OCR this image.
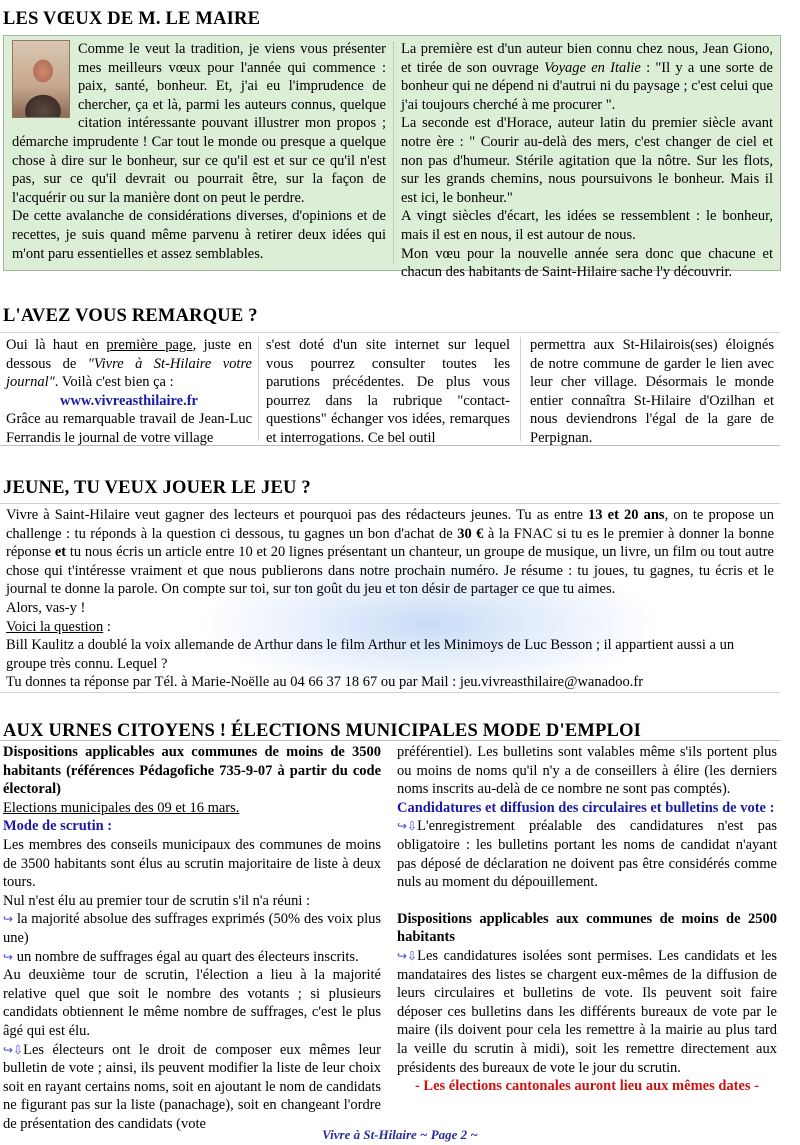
LES VŒUX DE M. LE MAIRE

Comme le veut la tradition, je viens vous présenter mes meilleurs vœux pour l'année qui commence : paix, santé, bonheur. Et, j'ai eu l'imprudence de chercher, ça et là, parmi les auteurs connus, quelque citation intéressante pouvant illustrer mon propos ; démarche imprudente ! Car tout le monde ou presque a quelque chose à dire sur le bonheur, sur ce qu'il est et sur ce qu'il n'est pas, sur ce qu'il devrait ou pourrait être, sur la façon de l'acquérir ou sur la manière dont on peut le perdre.

De cette avalanche de considérations diverses, d'opinions et de recettes, je suis quand même parvenu à retirer deux idées qui m'ont paru essentielles et assez semblables.

La première est d'un auteur bien connu chez nous, Jean Giono, et tirée de son ouvrage Voyage en Italie : "Il y a une sorte de bonheur qui ne dépend ni d'autrui ni du paysage ; c'est celui que j'ai toujours cherché à me procurer ".

La seconde est d'Horace, auteur latin du premier siècle avant notre ère : " Courir au-delà des mers, c'est changer de ciel et non pas d'humeur. Stérile agitation que la nôtre. Sur les flots, sur les grands chemins, nous poursuivons le bonheur. Mais il est ici, le bonheur."

A vingt siècles d'écart, les idées se ressemblent : le bonheur, mais il est en nous, il est autour de nous.

Mon vœu pour la nouvelle année sera donc que chacune et chacun des habitants de Saint-Hilaire sache l'y découvrir.

L'AVEZ VOUS REMARQUE ?

Oui là haut en première page, juste en dessous de "Vivre à St-Hilaire votre journal". Voilà c'est bien ça :

www.vivreasthilaire.fr

Grâce au remarquable travail de Jean-Luc Ferrandis le journal de votre village

s'est doté d'un site internet sur lequel vous pourrez consulter toutes les parutions précédentes. De plus vous pourrez dans la rubrique "contact-questions" échanger vos idées, remarques et interrogations. Ce bel outil
permettra aux St-Hilairois(ses) éloignés de notre commune de garder le lien avec leur cher village. Désormais le monde entier connaîtra St-Hilaire d'Ozilhan et nous deviendrons l'égal de la gare de Perpignan.
JEUNE, TU VEUX JOUER LE JEU ?

Vivre à Saint-Hilaire veut gagner des lecteurs et pourquoi pas des rédacteurs jeunes. Tu as entre 13 et 20 ans, on te propose un challenge : tu réponds à la question ci dessous, tu gagnes un bon d'achat de 30 € à la FNAC si tu es le premier à donner la bonne réponse et tu nous écris un article entre 10 et 20 lignes présentant un chanteur, un groupe de musique, un livre, un film ou tout autre chose qui t'intéresse vraiment et que nous publierons dans notre prochain numéro. Je résume : tu joues, tu gagnes, tu écris et le journal te donne la parole. On compte sur toi, sur ton goût du jeu et ton désir de partager ce que tu aimes.

Alors, vas-y !

Voici la question :

Bill Kaulitz a doublé la voix allemande de Arthur dans le film Arthur et les Minimoys de Luc Besson ; il appartient aussi a un groupe très connu. Lequel ?

Tu donnes ta réponse par Tél. à Marie-Noëlle au 04 66 37 18 67 ou par Mail : jeu.vivreasthilaire@wanadoo.fr

AUX URNES CITOYENS ! ÉLECTIONS MUNICIPALES MODE D'EMPLOI

Dispositions applicables aux communes de moins de 3500 habitants (références Pédagofiche 735-9-07 à partir du code électoral)

Elections municipales des 09 et 16 mars.

Mode de scrutin :

Les membres des conseils municipaux des communes de moins de 3500 habitants sont élus au scrutin majoritaire de liste à deux tours.

Nul n'est élu au premier tour de scrutin s'il n'a réuni :

↪ la majorité absolue des suffrages exprimés (50% des voix plus une)

↪ un nombre de suffrages égal au quart des électeurs inscrits.

Au deuxième tour de scrutin, l'élection a lieu à la majorité relative quel que soit le nombre des votants ; si plusieurs candidats obtiennent le même nombre de suffrages, c'est le plus âgé qui est élu.

↪⇩Les électeurs ont le droit de composer eux mêmes leur bulletin de vote ; ainsi, ils peuvent modifier la liste de leur choix soit en rayant certains noms, soit en ajoutant le nom de candidats ne figurant pas sur la liste (panachage), soit en changeant l'ordre de présentation des candidats (vote

préférentiel). Les bulletins sont valables même s'ils portent plus ou moins de noms qu'il n'y a de conseillers à élire (les derniers noms inscrits au-delà de ce nombre ne sont pas comptés).

Candidatures et diffusion des circulaires et bulletins de vote :

↪⇩L'enregistrement préalable des candidatures n'est pas obligatoire : les bulletins portant les noms de candidat n'ayant pas déposé de déclaration ne doivent pas être considérés comme nuls au moment du dépouillement.

Dispositions applicables aux communes de moins de 2500 habitants

↪⇩Les candidatures isolées sont permises. Les candidats et les mandataires des listes se chargent eux-mêmes de la diffusion de leurs circulaires et bulletins de vote. Ils peuvent soit faire déposer ces bulletins dans les différents bureaux de vote par le maire (ils doivent pour cela les remettre à la mairie au plus tard la veille du scrutin à midi), soit les remettre directement aux présidents des bureaux de vote le jour du scrutin.

- Les élections cantonales auront lieu aux mêmes dates -

Vivre à St-Hilaire ~ Page 2 ~
